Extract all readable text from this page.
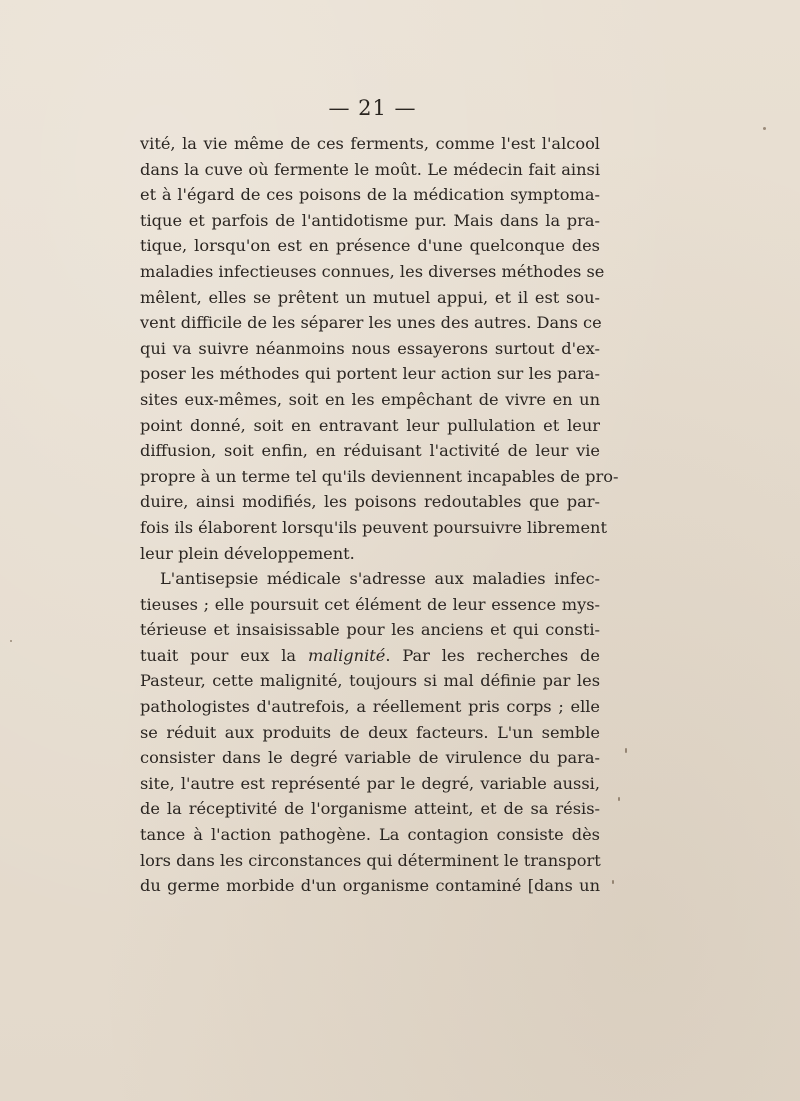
— 21 —
vité, la vie même de ces ferments, comme l'est l'alcool
dans la cuve où fermente le moût. Le médecin fait ainsi
et à l'égard de ces poisons de la médication symptoma-
tique et parfois de l'antidotisme pur. Mais dans la pra-
tique, lorsqu'on est en présence d'une quelconque des
maladies infectieuses connues, les diverses méthodes se
mêlent, elles se prêtent un mutuel appui, et il est sou-
vent difficile de les séparer les unes des autres. Dans ce
qui va suivre néanmoins nous essayerons surtout d'ex-
poser les méthodes qui portent leur action sur les para-
sites eux-mêmes, soit en les empêchant de vivre en un
point donné, soit en entravant leur pullulation et leur
diffusion, soit enfin, en réduisant l'activité de leur vie
propre à un terme tel qu'ils deviennent incapables de pro-
duire, ainsi modifiés, les poisons redoutables que par-
fois ils élaborent lorsqu'ils peuvent poursuivre librement
leur plein développement.
L'antisepsie médicale s'adresse aux maladies infec-
tieuses ; elle poursuit cet élément de leur essence mys-
térieuse et insaisissable pour les anciens et qui consti-
tuait pour eux la malignité. Par les recherches de
Pasteur, cette malignité, toujours si mal définie par les
pathologistes d'autrefois, a réellement pris corps ; elle
se réduit aux produits de deux facteurs. L'un semble
consister dans le degré variable de virulence du para-
site, l'autre est représenté par le degré, variable aussi,
de la réceptivité de l'organisme atteint, et de sa résis-
tance à l'action pathogène. La contagion consiste dès
lors dans les circonstances qui déterminent le transport
du germe morbide d'un organisme contaminé [dans un
